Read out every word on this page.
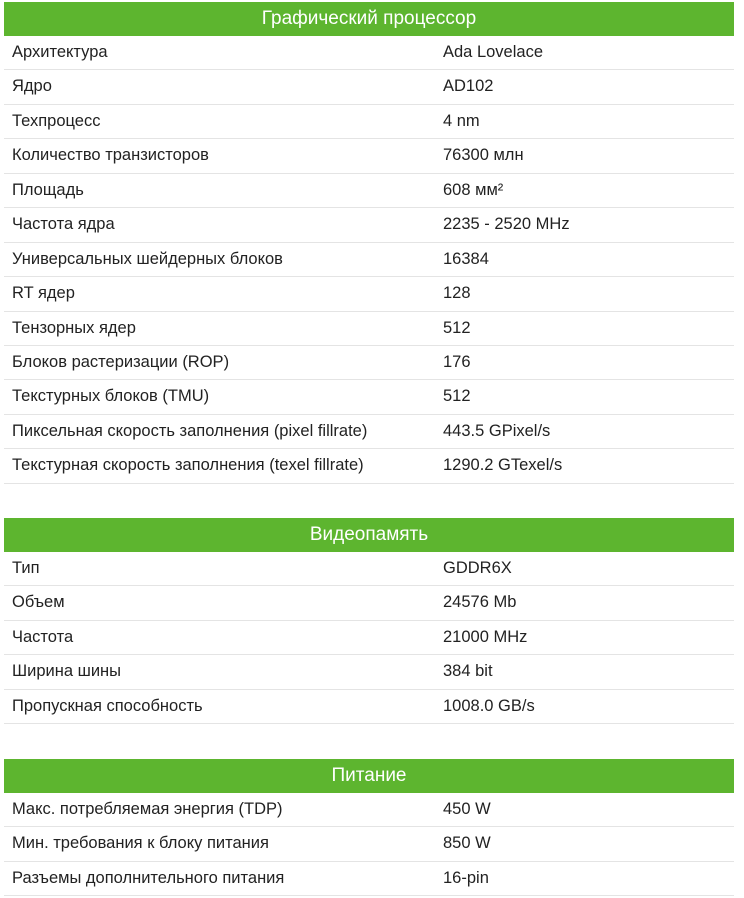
Графический процессор
Архитектура	Ada Lovelace
Ядро	AD102
Техпроцесс	4 nm
Количество транзисторов	76300 млн
Площадь	608 мм²
Частота ядра	2235 - 2520 MHz
Универсальных шейдерных блоков	16384
RT ядер	128
Тензорных ядер	512
Блоков растеризации (ROP)	176
Текстурных блоков (TMU)	512
Пиксельная скорость заполнения (pixel fillrate)	443.5 GPixel/s
Текстурная скорость заполнения (texel fillrate)	1290.2 GTexel/s
Видеопамять
Тип	GDDR6X
Объем	24576 Mb
Частота	21000 MHz
Ширина шины	384 bit
Пропускная способность	1008.0 GB/s
Питание
Макс. потребляемая энергия (TDP)	450 W
Мин. требования к блоку питания	850 W
Разъемы дополнительного питания	16-pin
